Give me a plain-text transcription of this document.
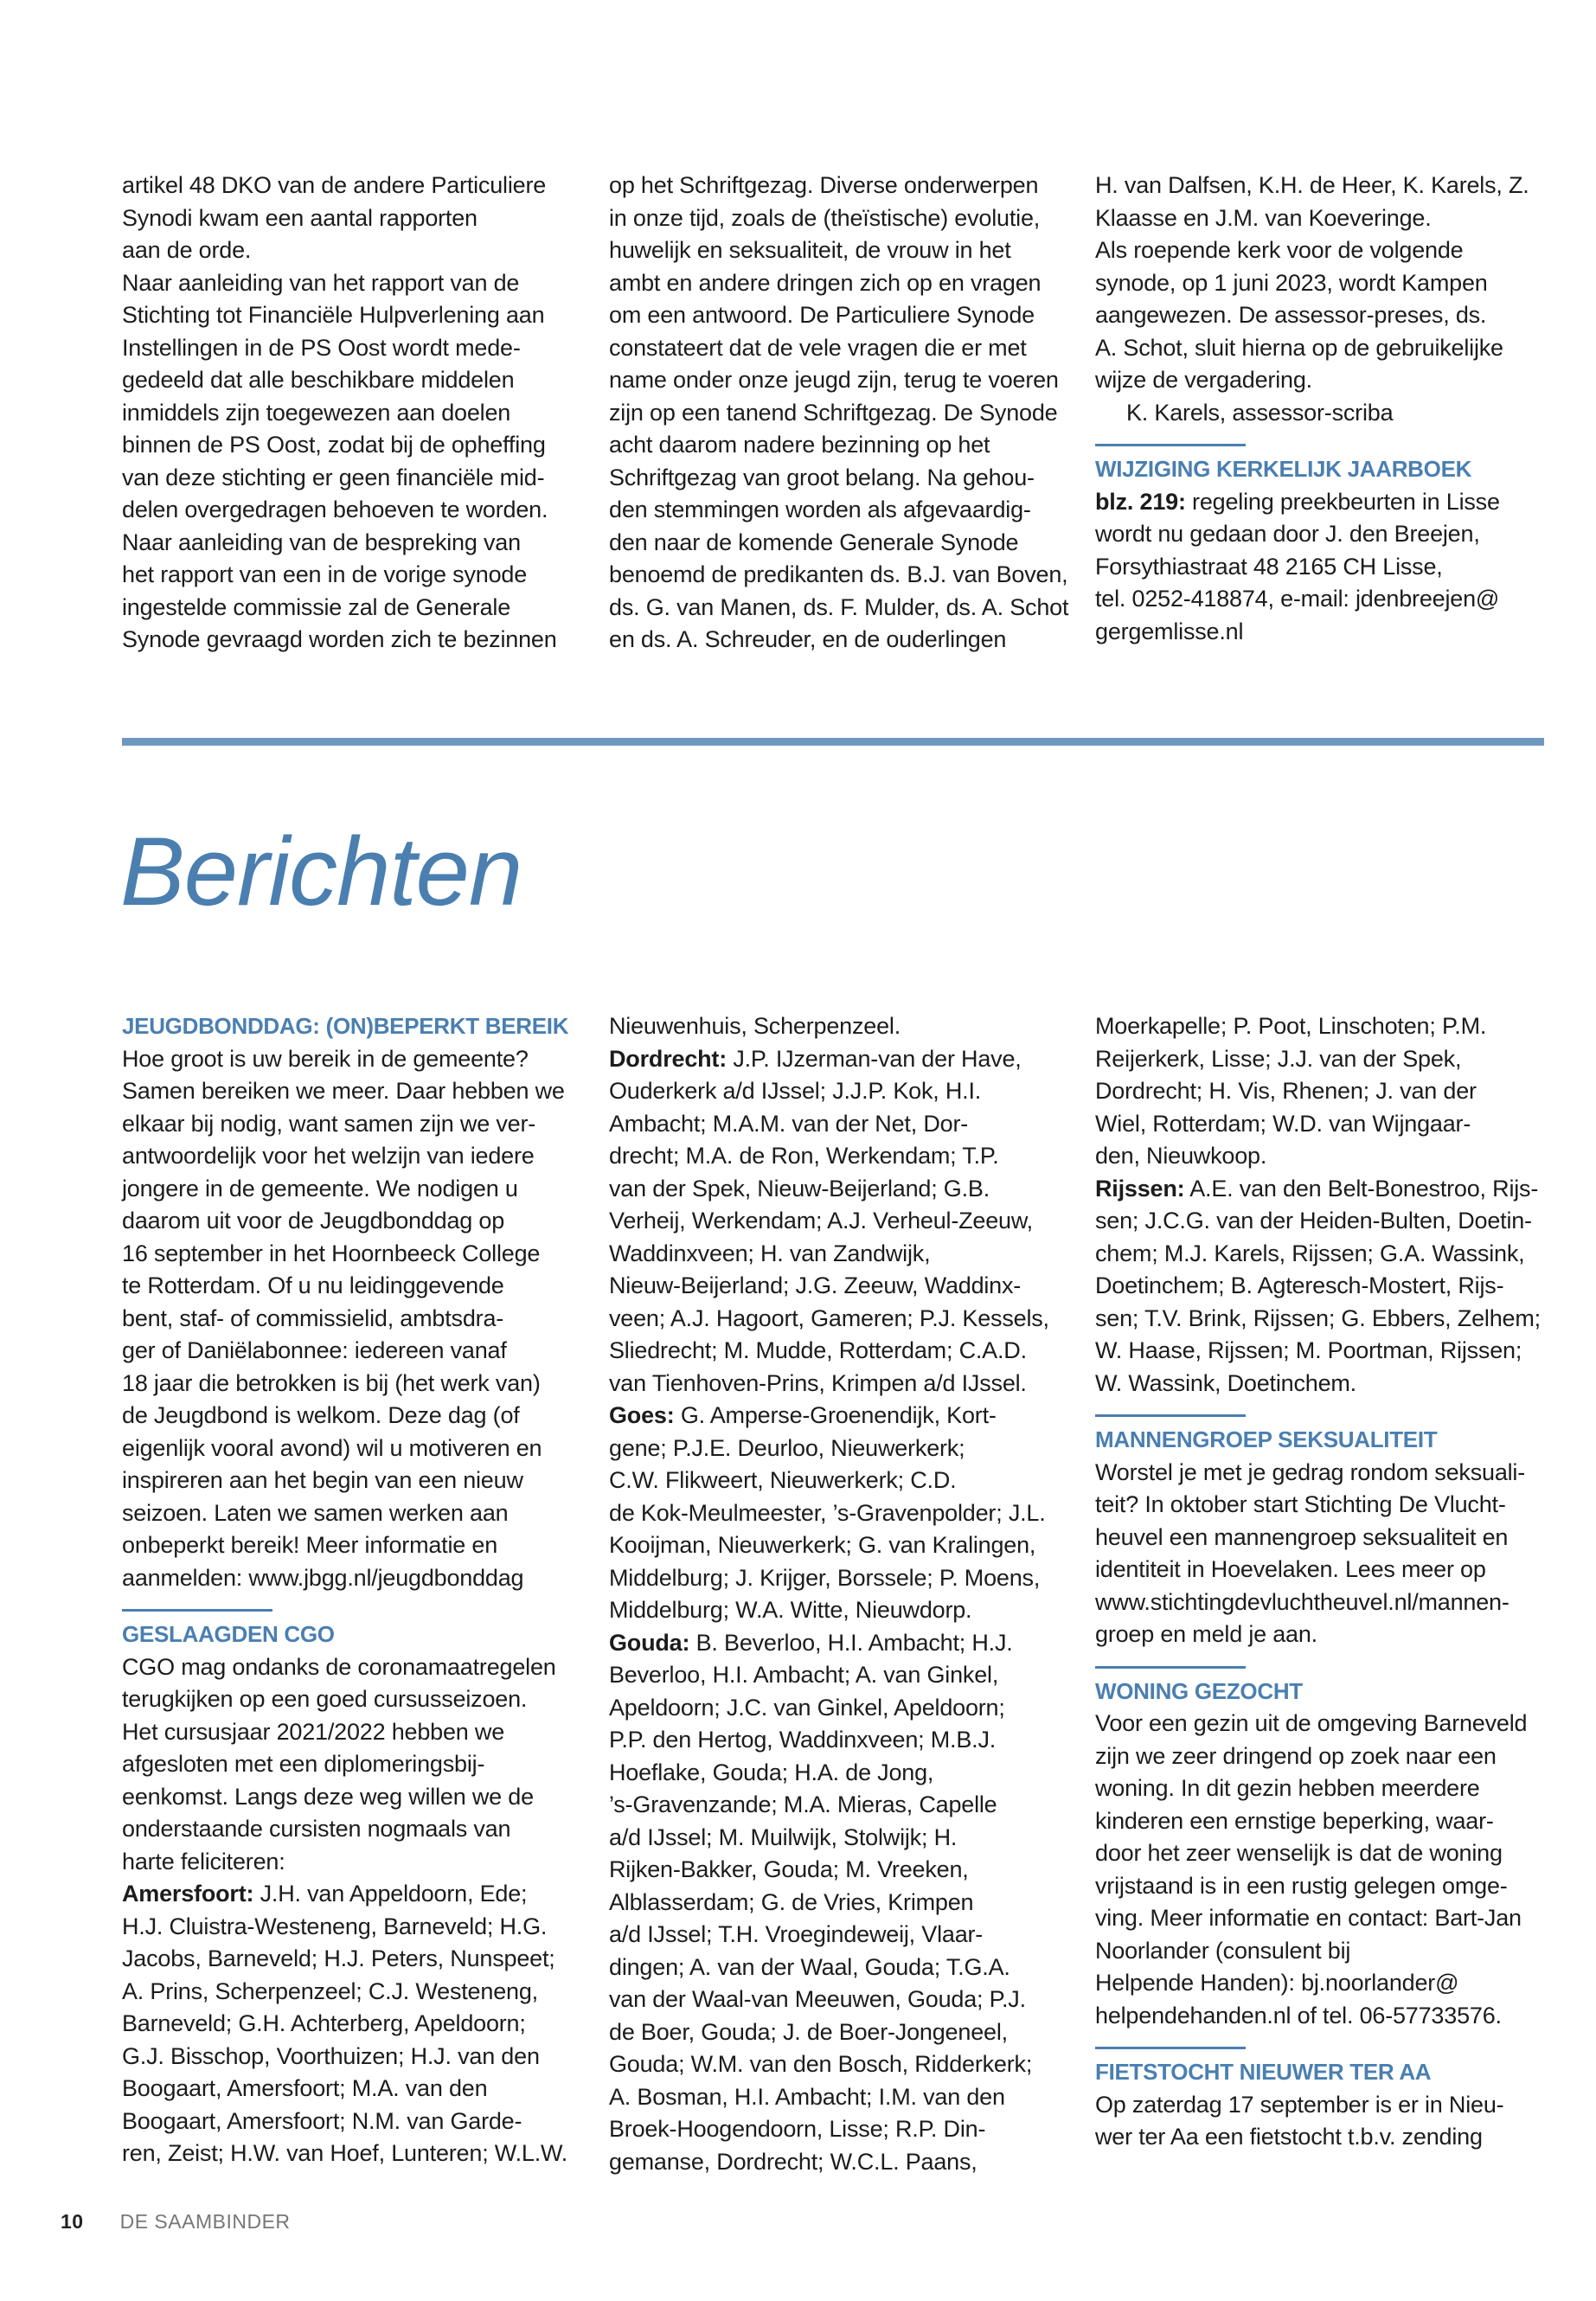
artikel 48 DKO van de andere Particuliere
Synodi kwam een aantal rapporten
aan de orde.
Naar aanleiding van het rapport van de
Stichting tot Financiële Hulpverlening aan
Instellingen in de PS Oost wordt mede-
gedeeld dat alle beschikbare middelen
inmiddels zijn toegewezen aan doelen
binnen de PS Oost, zodat bij de opheffing
van deze stichting er geen financiële mid-
delen overgedragen behoeven te worden.
Naar aanleiding van de bespreking van
het rapport van een in de vorige synode
ingestelde commissie zal de Generale
Synode gevraagd worden zich te bezinnen
op het Schriftgezag. Diverse onderwerpen
in onze tijd, zoals de (theïstische) evolutie,
huwelijk en seksualiteit, de vrouw in het
ambt en andere dringen zich op en vragen
om een antwoord. De Particuliere Synode
constateert dat de vele vragen die er met
name onder onze jeugd zijn, terug te voeren
zijn op een tanend Schriftgezag. De Synode
acht daarom nadere bezinning op het
Schriftgezag van groot belang. Na gehou-
den stemmingen worden als afgevaardig-
den naar de komende Generale Synode
benoemd de predikanten ds. B.J. van Boven,
ds. G. van Manen, ds. F. Mulder, ds. A. Schot
en ds. A. Schreuder, en de ouderlingen
H. van Dalfsen, K.H. de Heer, K. Karels, Z.
Klaasse en J.M. van Koeveringe.
Als roepende kerk voor de volgende
synode, op 1 juni 2023, wordt Kampen
aangewezen. De assessor-preses, ds.
A. Schot, sluit hierna op de gebruikelijke
wijze de vergadering.
K. Karels, assessor-scriba
WIJZIGING KERKELIJK JAARBOEK
blz. 219: regeling preekbeurten in Lisse
wordt nu gedaan door J. den Breejen,
Forsythiastraat 48 2165 CH Lisse,
tel. 0252-418874, e-mail: jdenbreejen@
gergemlisse.nl
Berichten
JEUGDBONDDAG: (ON)BEPERKT BEREIK
Hoe groot is uw bereik in de gemeente?
Samen bereiken we meer. Daar hebben we
elkaar bij nodig, want samen zijn we ver-
antwoordelijk voor het welzijn van iedere
jongere in de gemeente. We nodigen u
daarom uit voor de Jeugdbonddag op
16 september in het Hoornbeeck College
te Rotterdam. Of u nu leidinggevende
bent, staf- of commissielid, ambtsdra-
ger of Daniëlabonnee: iedereen vanaf
18 jaar die betrokken is bij (het werk van)
de Jeugdbond is welkom. Deze dag (of
eigenlijk vooral avond) wil u motiveren en
inspireren aan het begin van een nieuw
seizoen. Laten we samen werken aan
onbeperkt bereik! Meer informatie en
aanmelden: www.jbgg.nl/jeugdbonddag
GESLAAGDEN CGO
CGO mag ondanks de coronamaatregelen
terugkijken op een goed cursusseizoen.
Het cursusjaar 2021/2022 hebben we
afgesloten met een diplomeringsbij-
eenkomst. Langs deze weg willen we de
onderstaande cursisten nogmaals van
harte feliciteren:
Amersfoort: J.H. van Appeldoorn, Ede;
H.J. Cluistra-Westeneng, Barneveld; H.G.
Jacobs, Barneveld; H.J. Peters, Nunspeet;
A. Prins, Scherpenzeel; C.J. Westeneng,
Barneveld; G.H. Achterberg, Apeldoorn;
G.J. Bisschop, Voorthuizen; H.J. van den
Boogaart, Amersfoort; M.A. van den
Boogaart, Amersfoort; N.M. van Garde-
ren, Zeist; H.W. van Hoef, Lunteren; W.L.W.
Nieuwenhuis, Scherpenzeel.
Dordrecht: J.P. IJzerman-van der Have,
Ouderkerk a/d IJssel; J.J.P. Kok, H.I.
Ambacht; M.A.M. van der Net, Dor-
drecht; M.A. de Ron, Werkendam; T.P.
van der Spek, Nieuw-Beijerland; G.B.
Verheij, Werkendam; A.J. Verheul-Zeeuw,
Waddinxveen; H. van Zandwijk,
Nieuw-Beijerland; J.G. Zeeuw, Waddinx-
veen; A.J. Hagoort, Gameren; P.J. Kessels,
Sliedrecht; M. Mudde, Rotterdam; C.A.D.
van Tienhoven-Prins, Krimpen a/d IJssel.
Goes: G. Amperse-Groenendijk, Kort-
gene; P.J.E. Deurloo, Nieuwerkerk;
C.W. Flikweert, Nieuwerkerk; C.D.
de Kok-Meulmeester, ’s-Gravenpolder; J.L.
Kooijman, Nieuwerkerk; G. van Kralingen,
Middelburg; J. Krijger, Borssele; P. Moens,
Middelburg; W.A. Witte, Nieuwdorp.
Gouda: B. Beverloo, H.I. Ambacht; H.J.
Beverloo, H.I. Ambacht; A. van Ginkel,
Apeldoorn; J.C. van Ginkel, Apeldoorn;
P.P. den Hertog, Waddinxveen; M.B.J.
Hoeflake, Gouda; H.A. de Jong,
’s-Gravenzande; M.A. Mieras, Capelle
a/d IJssel; M. Muilwijk, Stolwijk; H.
Rijken-Bakker, Gouda; M. Vreeken,
Alblasserdam; G. de Vries, Krimpen
a/d IJssel; T.H. Vroegindeweij, Vlaar-
dingen; A. van der Waal, Gouda; T.G.A.
van der Waal-van Meeuwen, Gouda; P.J.
de Boer, Gouda; J. de Boer-Jongeneel,
Gouda; W.M. van den Bosch, Ridderkerk;
A. Bosman, H.I. Ambacht; I.M. van den
Broek-Hoogendoorn, Lisse; R.P. Din-
gemanse, Dordrecht; W.C.L. Paans,
Moerkapelle; P. Poot, Linschoten; P.M.
Reijerkerk, Lisse; J.J. van der Spek,
Dordrecht; H. Vis, Rhenen; J. van der
Wiel, Rotterdam; W.D. van Wijngaar-
den, Nieuwkoop.
Rijssen: A.E. van den Belt-Bonestroo, Rijs-
sen; J.C.G. van der Heiden-Bulten, Doetin-
chem; M.J. Karels, Rijssen; G.A. Wassink,
Doetinchem; B. Agteresch-Mostert, Rijs-
sen; T.V. Brink, Rijssen; G. Ebbers, Zelhem;
W. Haase, Rijssen; M. Poortman, Rijssen;
W. Wassink, Doetinchem.
MANNENGROEP SEKSUALITEIT
Worstel je met je gedrag rondom seksuali-
teit? In oktober start Stichting De Vlucht-
heuvel een mannengroep seksualiteit en
identiteit in Hoevelaken. Lees meer op
www.stichtingdevluchtheuvel.nl/mannen-
groep en meld je aan.
WONING GEZOCHT
Voor een gezin uit de omgeving Barneveld
zijn we zeer dringend op zoek naar een
woning. In dit gezin hebben meerdere
kinderen een ernstige beperking, waar-
door het zeer wenselijk is dat de woning
vrijstaand is in een rustig gelegen omge-
ving. Meer informatie en contact: Bart-Jan
Noorlander (consulent bij
Helpende Handen): bj.noorlander@
helpendehanden.nl of tel. 06-57733576.
FIETSTOCHT NIEUWER TER AA
Op zaterdag 17 september is er in Nieu-
wer ter Aa een fietstocht t.b.v. zending
10 DE SAAMBINDER
